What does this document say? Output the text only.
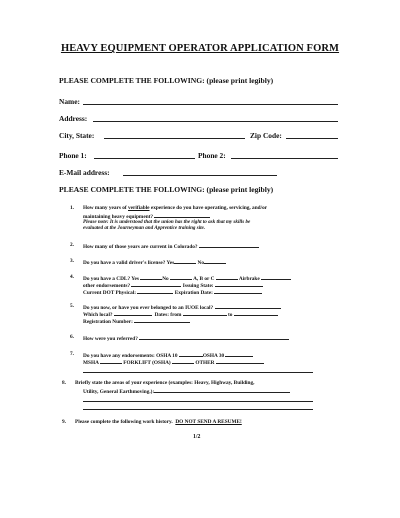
HEAVY EQUIPMENT OPERATOR APPLICATION FORM
PLEASE COMPLETE THE FOLLOWING: (please print legibly)
Name:
Address:
City, State:	Zip Code:
Phone 1:	Phone 2:
E-Mail address:
PLEASE COMPLETE THE FOLLOWING: (please print legibly)
1. How many years of verifiable experience do you have operating, servicing, and/or
maintaining heavy equipment?
Please note: It is understood that the union has the right to ask that my skills be
evaluated at the Journeyman and Apprentice training site.
2. How many of those years are current in Colorado?
3. Do you have a valid driver's license? Yes	No
4. Do you have a CDL? Yes	No	A, B or C	Airbrake
other endorsements?	Issuing State:
Current DOT Physical:	Expiration Date:
5. Do you now, or have you ever belonged to an IUOE local?
Which local?	Dates: from	to
Registration Number:
6. How were you referred?
7. Do you have any endorsements: OSHA 10	OSHA 30
MSHA	FORKLIFT (OSHA)	OTHER
8. Briefly state the areas of your experience (examples: Heavy, Highway, Building,
Utility, General Earthmoving.):
9. Please complete the following work history. DO NOT SEND A RESUME!
1/2
